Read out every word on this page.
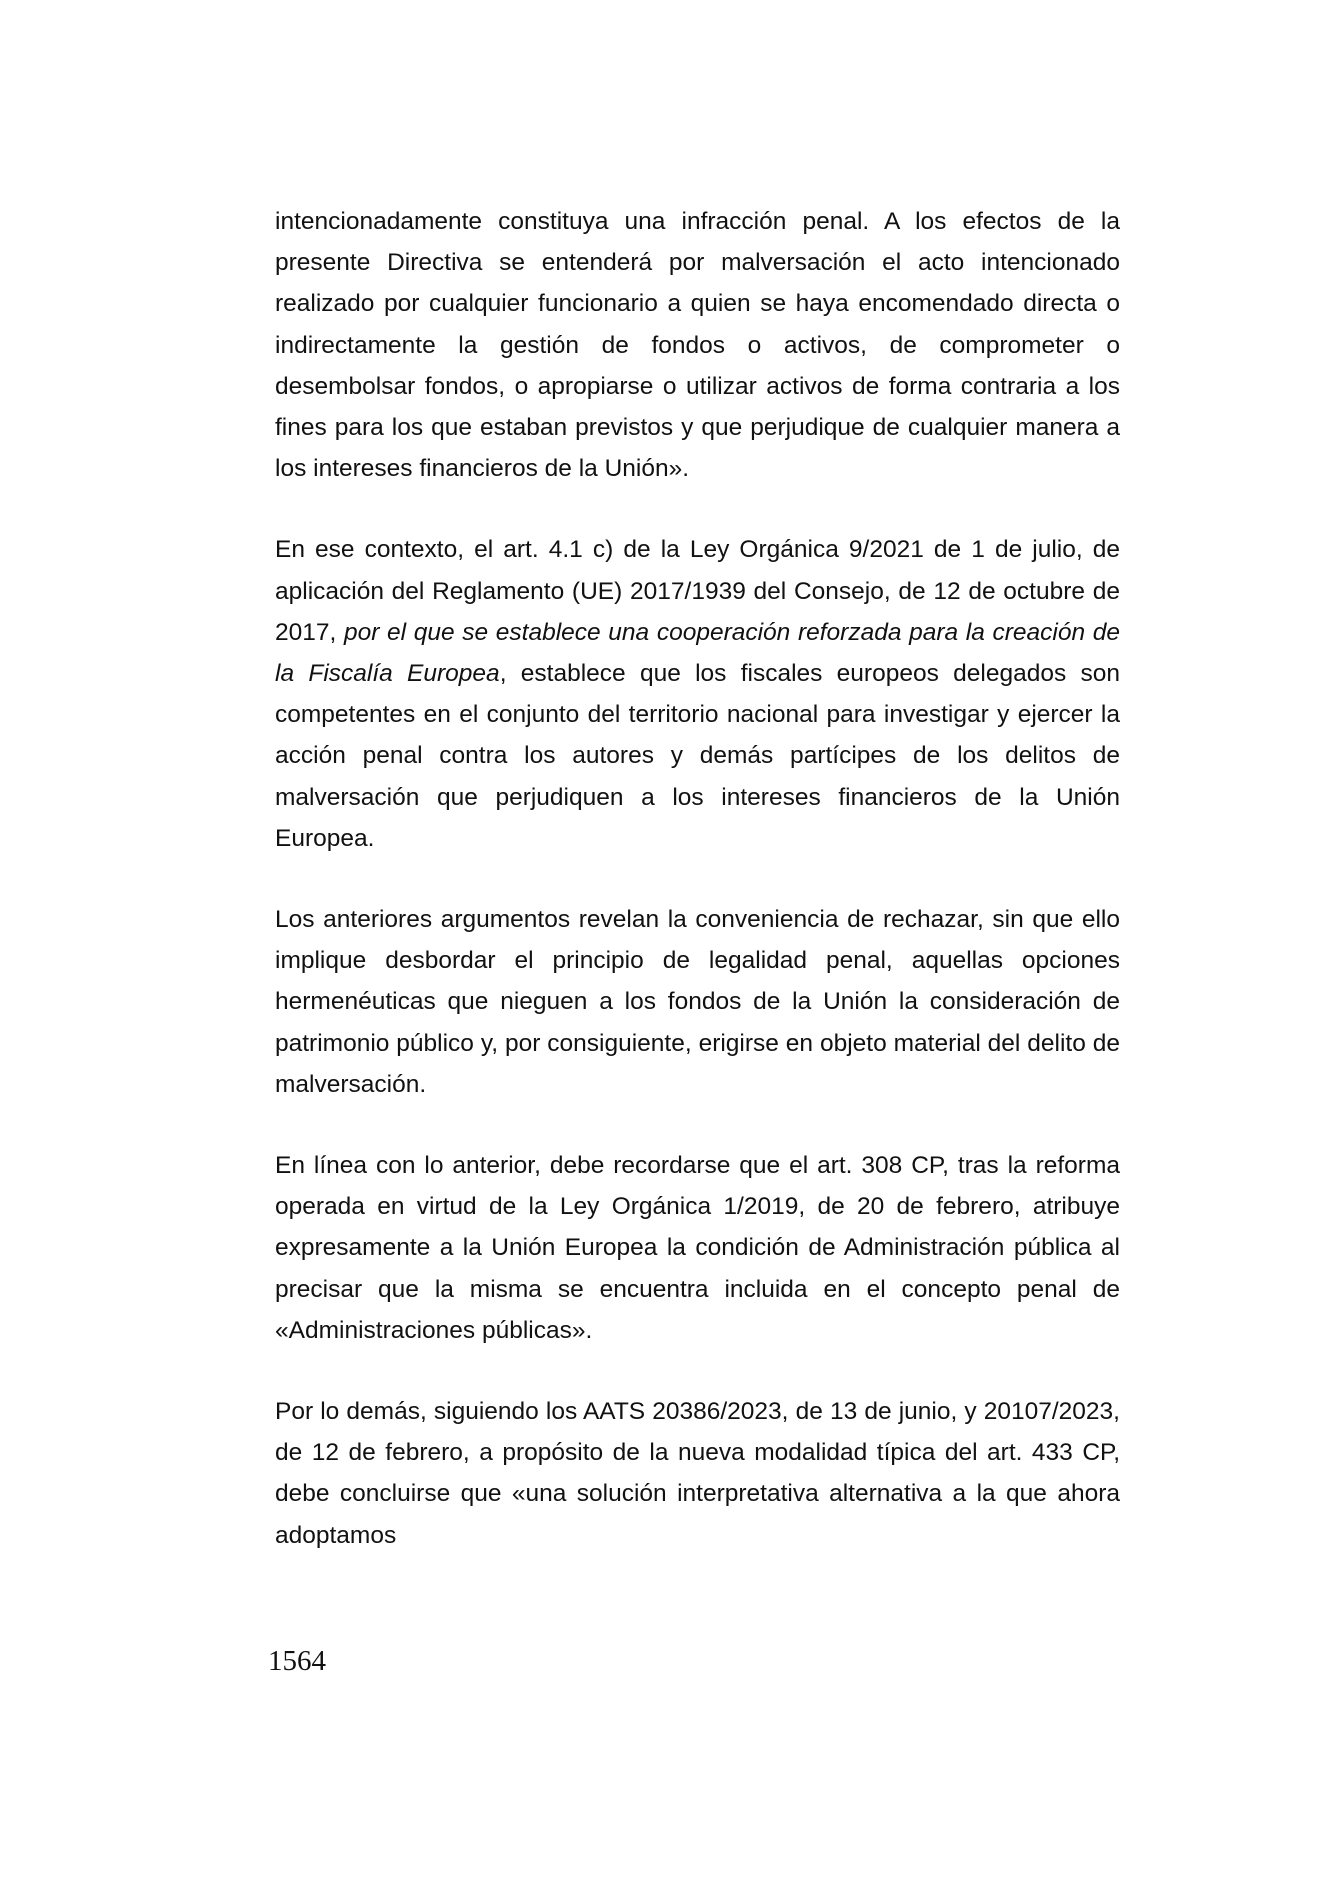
intencionadamente constituya una infracción penal. A los efectos de la presente Directiva se entenderá por malversación el acto intencionado realizado por cualquier funcionario a quien se haya encomendado directa o indirectamente la gestión de fondos o activos, de comprometer o desembolsar fondos, o apropiarse o utilizar activos de forma contraria a los fines para los que estaban previstos y que perjudique de cualquier manera a los intereses financieros de la Unión».

En ese contexto, el art. 4.1 c) de la Ley Orgánica 9/2021 de 1 de julio, de aplicación del Reglamento (UE) 2017/1939 del Consejo, de 12 de octubre de 2017, por el que se establece una cooperación reforzada para la creación de la Fiscalía Europea, establece que los fiscales europeos delegados son competentes en el conjunto del territorio nacional para investigar y ejercer la acción penal contra los autores y demás partícipes de los delitos de malversación que perjudiquen a los intereses financieros de la Unión Europea.

Los anteriores argumentos revelan la conveniencia de rechazar, sin que ello implique desbordar el principio de legalidad penal, aquellas opciones hermenéuticas que nieguen a los fondos de la Unión la consideración de patrimonio público y, por consiguiente, erigirse en objeto material del delito de malversación.

En línea con lo anterior, debe recordarse que el art. 308 CP, tras la reforma operada en virtud de la Ley Orgánica 1/2019, de 20 de febrero, atribuye expresamente a la Unión Europea la condición de Administración pública al precisar que la misma se encuentra incluida en el concepto penal de «Administraciones públicas».

Por lo demás, siguiendo los AATS 20386/2023, de 13 de junio, y 20107/2023, de 12 de febrero, a propósito de la nueva modalidad típica del art. 433 CP, debe concluirse que «una solución interpretativa alternativa a la que ahora adoptamos

1564
